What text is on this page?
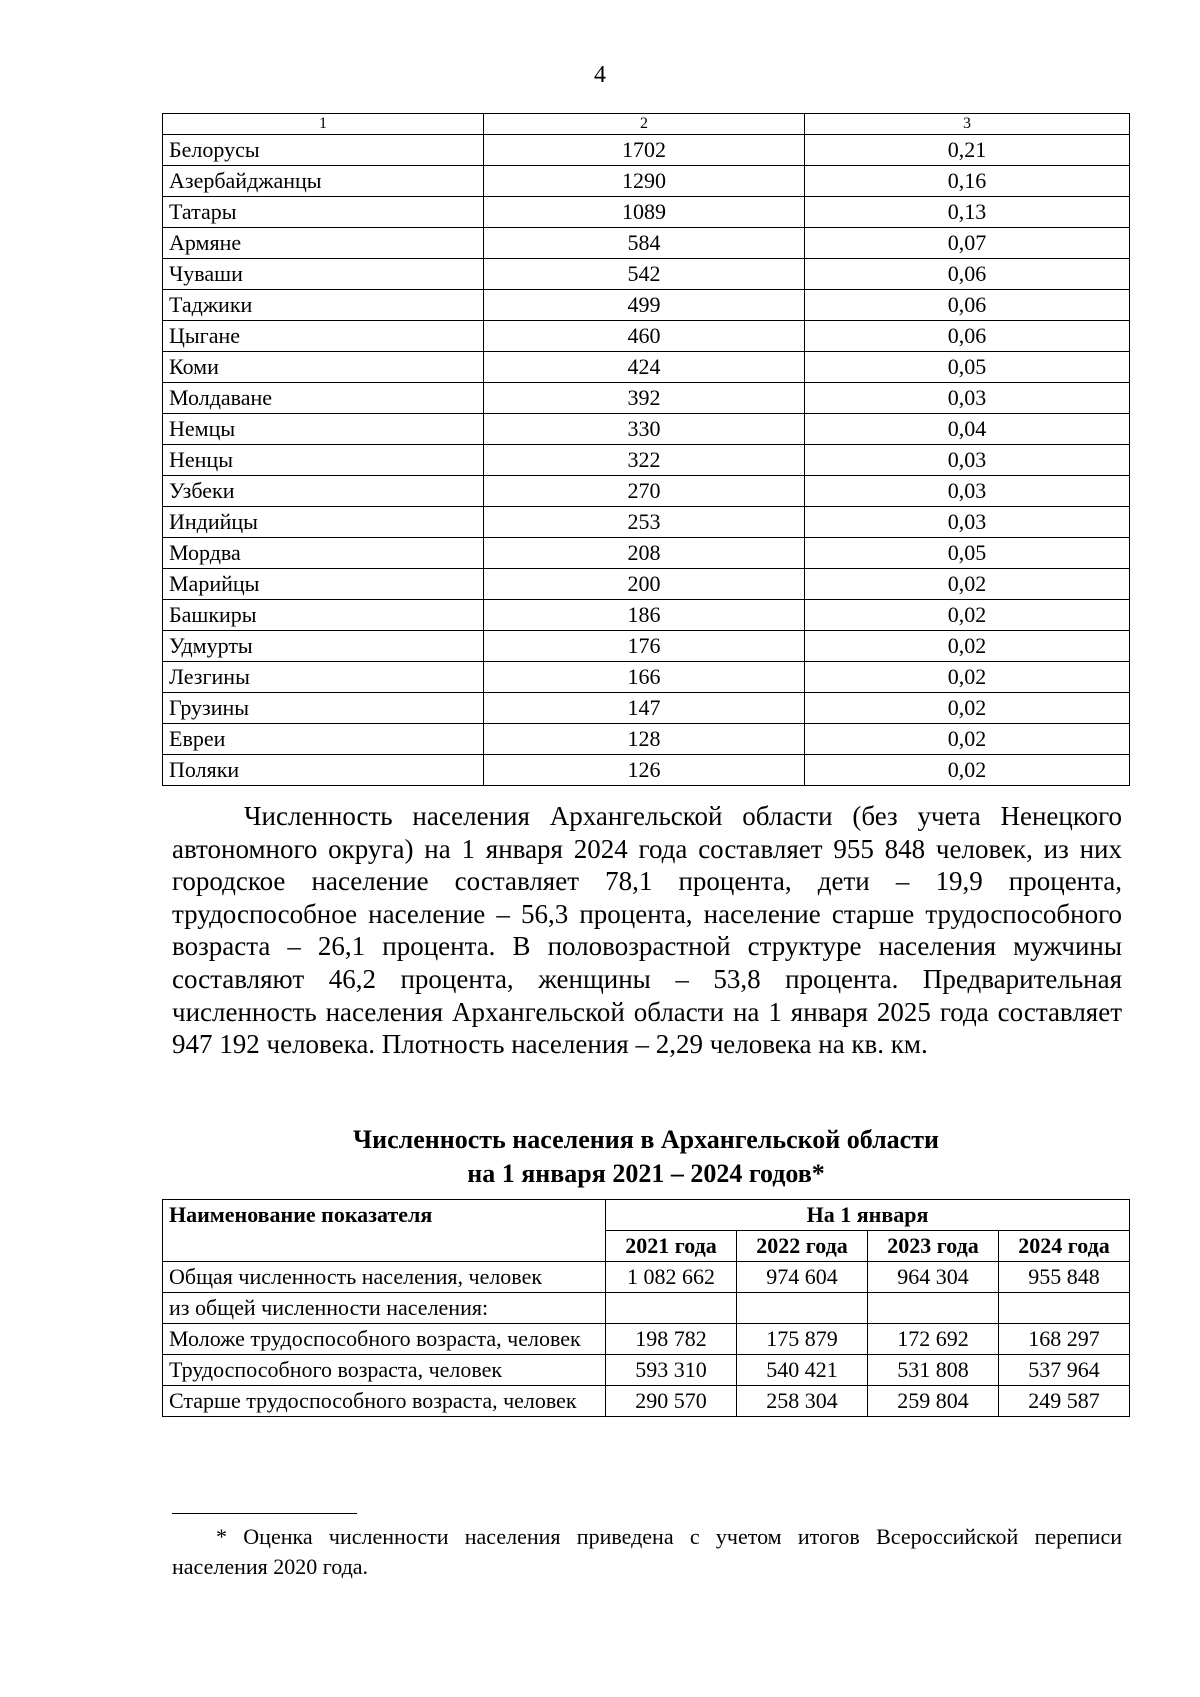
4
1	2	3
Белорусы	1702	0,21
Азербайджанцы	1290	0,16
Татары	1089	0,13
Армяне	584	0,07
Чуваши	542	0,06
Таджики	499	0,06
Цыгане	460	0,06
Коми	424	0,05
Молдаване	392	0,03
Немцы	330	0,04
Ненцы	322	0,03
Узбеки	270	0,03
Индийцы	253	0,03
Мордва	208	0,05
Марийцы	200	0,02
Башкиры	186	0,02
Удмурты	176	0,02
Лезгины	166	0,02
Грузины	147	0,02
Евреи	128	0,02
Поляки	126	0,02

Численность населения Архангельской области (без учета Ненецкого автономного округа) на 1 января 2024 года составляет 955 848 человек, из них городское население составляет 78,1 процента, дети – 19,9 процента, трудоспособное население – 56,3 процента, население старше трудоспособного возраста – 26,1 процента. В половозрастной структуре населения мужчины составляют 46,2 процента, женщины – 53,8 процента. Предварительная численность населения Архангельской области на 1 января 2025 года составляет 947 192 человека. Плотность населения – 2,29 человека на кв. км.

Численность населения в Архангельской области
на 1 января 2021 – 2024 годов*
Наименование показателя	На 1 января			
	2021 года	2022 года	2023 года	2024 года
Общая численность населения, человек	1 082 662	974 604	964 304	955 848
из общей численности населения:				
Моложе трудоспособного возраста, человек	198 782	175 879	172 692	168 297
Трудоспособного возраста, человек	593 310	540 421	531 808	537 964
Старше трудоспособного возраста, человек	290 570	258 304	259 804	249 587

* Оценка численности населения приведена с учетом итогов Всероссийской переписи населения 2020 года.
